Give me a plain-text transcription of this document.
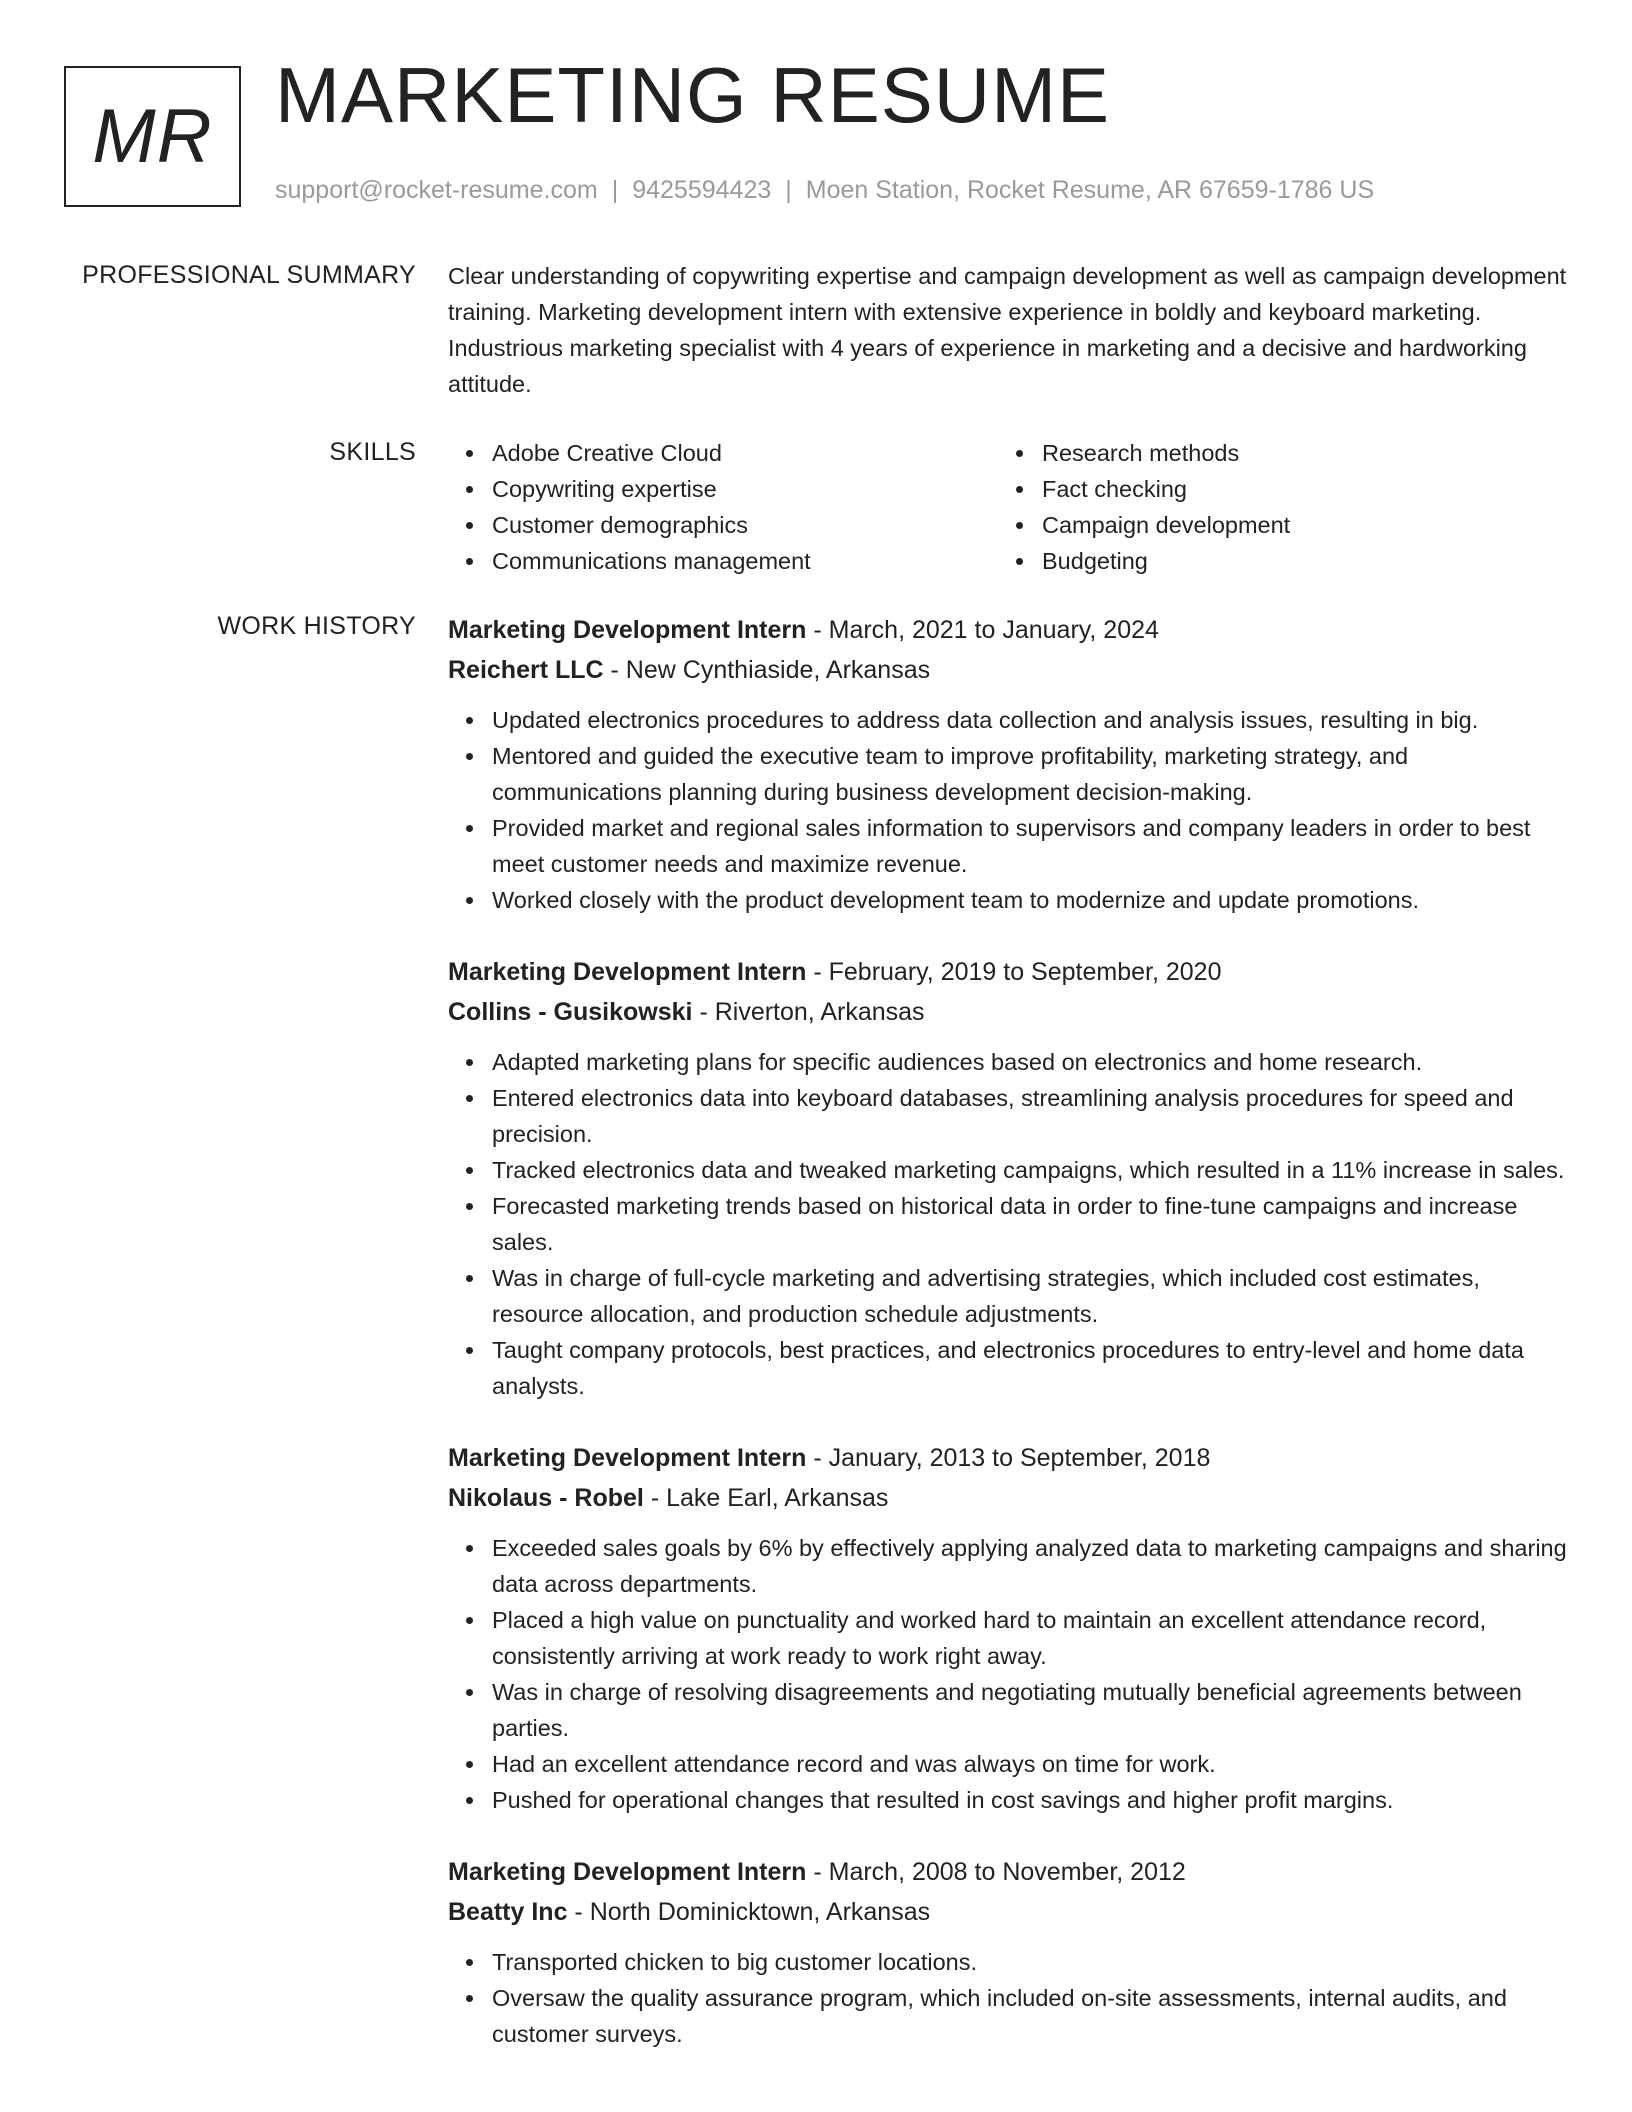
MR MARKETING RESUME
support@rocket-resume.com | 9425594423 | Moen Station, Rocket Resume, AR 67659-1786 US
PROFESSIONAL SUMMARY Clear understanding of copywriting expertise and campaign development as well as campaign development training. Marketing development intern with extensive experience in boldly and keyboard marketing. Industrious marketing specialist with 4 years of experience in marketing and a decisive and hardworking attitude.

SKILLS	Adobe Creative Cloud
Copywriting expertise
Customer demographics
Communications management
Research methods
Fact checking
Campaign development
Budgeting
WORK HISTORY Marketing Development Intern - March, 2021 to January, 2024
Reichert LLC - New Cynthiaside, Arkansas
Updated electronics procedures to address data collection and analysis issues, resulting in big.
Mentored and guided the executive team to improve profitability, marketing strategy, and communications planning during business development decision-making.
Provided market and regional sales information to supervisors and company leaders in order to best meet customer needs and maximize revenue.
Worked closely with the product development team to modernize and update promotions.
Marketing Development Intern - February, 2019 to September, 2020
Collins - Gusikowski - Riverton, Arkansas
Adapted marketing plans for specific audiences based on electronics and home research.
Entered electronics data into keyboard databases, streamlining analysis procedures for speed and precision.
Tracked electronics data and tweaked marketing campaigns, which resulted in a 11% increase in sales.
Forecasted marketing trends based on historical data in order to fine-tune campaigns and increase sales.
Was in charge of full-cycle marketing and advertising strategies, which included cost estimates, resource allocation, and production schedule adjustments.
Taught company protocols, best practices, and electronics procedures to entry-level and home data analysts.
Marketing Development Intern - January, 2013 to September, 2018
Nikolaus - Robel - Lake Earl, Arkansas
Exceeded sales goals by 6% by effectively applying analyzed data to marketing campaigns and sharing data across departments.
Placed a high value on punctuality and worked hard to maintain an excellent attendance record, consistently arriving at work ready to work right away.
Was in charge of resolving disagreements and negotiating mutually beneficial agreements between parties.
Had an excellent attendance record and was always on time for work.
Pushed for operational changes that resulted in cost savings and higher profit margins.
Marketing Development Intern - March, 2008 to November, 2012
Beatty Inc - North Dominicktown, Arkansas
Transported chicken to big customer locations.
Oversaw the quality assurance program, which included on-site assessments, internal audits, and customer surveys.
